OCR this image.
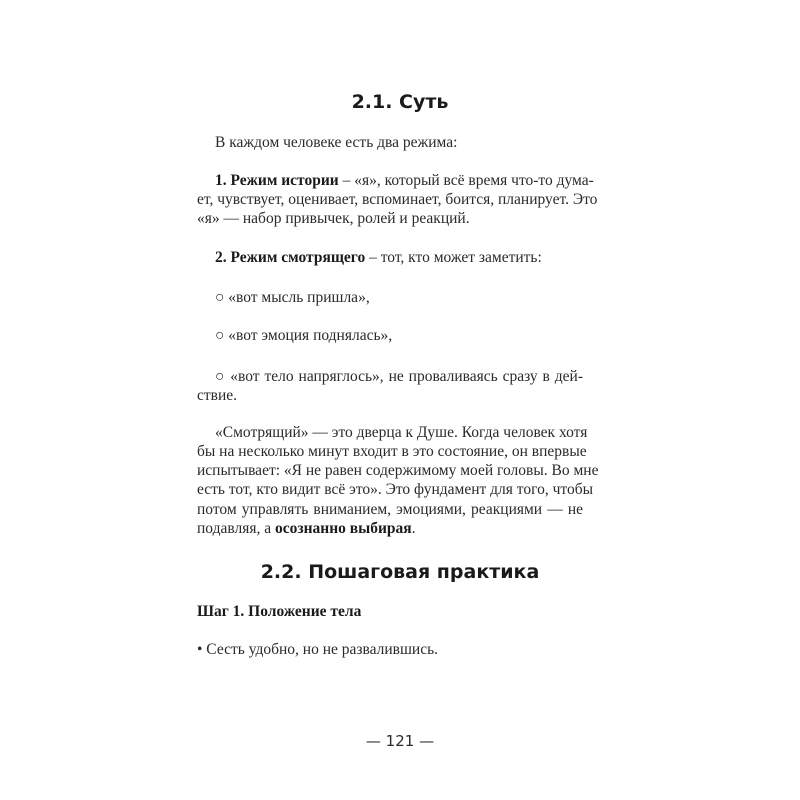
2.1. Суть
В каждом человеке есть два режима:
1. Режим истории – «я», который всё время что-то дума-
ет, чувствует, оценивает, вспоминает, боится, планирует. Это
«я» — набор привычек, ролей и реакций.
2. Режим смотрящего – тот, кто может заметить:
○ «вот мысль пришла»,
○ «вот эмоция поднялась»,
○ «вот тело напряглось», не проваливаясь сразу в дей-
ствие.
«Смотрящий» — это дверца к Душе. Когда человек хотя
бы на несколько минут входит в это состояние, он впервые
испытывает: «Я не равен содержимому моей головы. Во мне
есть тот, кто видит всё это». Это фундамент для того, чтобы
потом управлять вниманием, эмоциями, реакциями — не
подавляя, а осознанно выбирая.
2.2. Пошаговая практика
Шаг 1. Положение тела
• Сесть удобно, но не развалившись.
— 121 —
